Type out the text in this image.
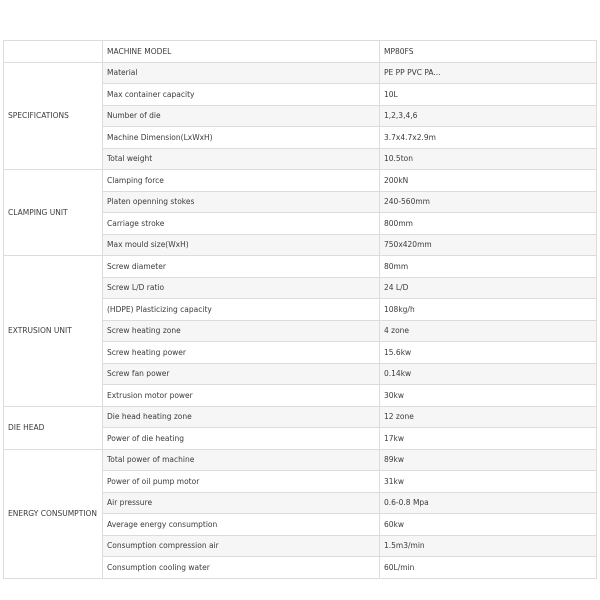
	MACHINE MODEL	MP80FS
SPECIFICATIONS	Material	PE PP PVC PA...
	Max container capacity	10L
	Number of die	1,2,3,4,6
	Machine Dimension(LxWxH)	3.7x4.7x2.9m
	Total weight	10.5ton
CLAMPING UNIT	Clamping force	200kN
	Platen openning stokes	240-560mm
	Carriage stroke	800mm
	Max mould size(WxH)	750x420mm
EXTRUSION UNIT	Screw diameter	80mm
	Screw L/D ratio	24 L/D
	(HDPE) Plasticizing capacity	108kg/h
	Screw heating zone	4 zone
	Screw heating power	15.6kw
	Screw fan power	0.14kw
	Extrusion motor power	30kw
DIE HEAD	Die head heating zone	12 zone
	Power of die heating	17kw
ENERGY CONSUMPTION	Total power of machine	89kw
	Power of oil pump motor	31kw
	Air pressure	0.6-0.8 Mpa
	Average energy consumption	60kw
	Consumption compression air	1.5m3/min
	Consumption cooling water	60L/min
